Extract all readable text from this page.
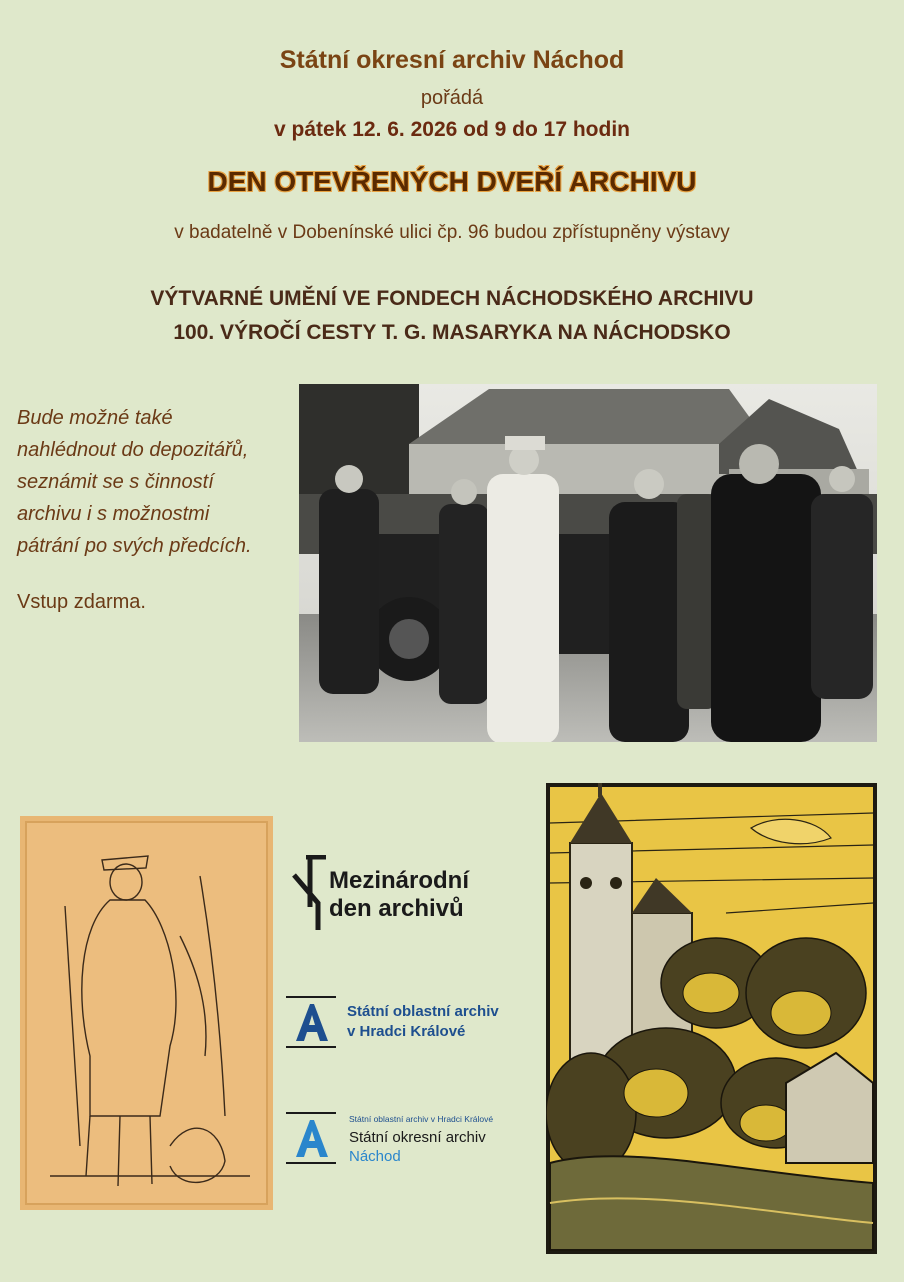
Státní okresní archiv Náchod
pořádá
v pátek 12. 6. 2026 od 9 do 17 hodin
DEN OTEVŘENÝCH DVEŘÍ ARCHIVU
v badatelně v Dobenínské ulici čp. 96 budou zpřístupněny výstavy
VÝTVARNÉ UMĚNÍ VE FONDECH NÁCHODSKÉHO ARCHIVU
100. VÝROČÍ CESTY T. G. MASARYKA NA NÁCHODSKO

Bude možné také

nahlédnout do depozitářů,

seznámit se s činností

archivu i s možnostmi

pátrání po svých předcích.

Vstup zdarma.

Mezinárodní
den archivů
Státní oblastní archiv
v Hradci Králové
Státní oblastní archiv v Hradci Králové
Státní okresní archiv
Náchod
